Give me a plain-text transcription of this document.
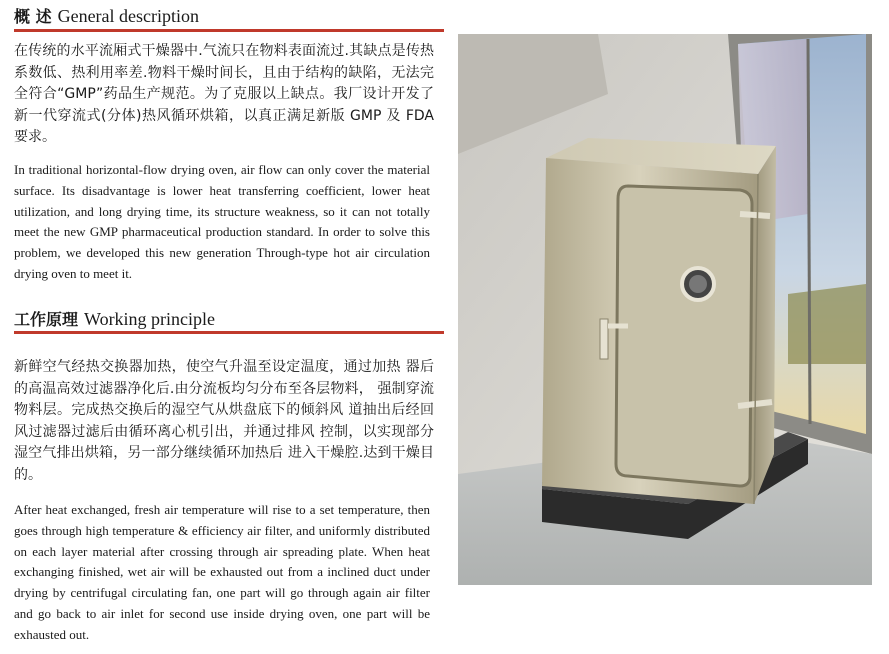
概 述 General description
在传统的水平流厢式干燥器中.气流只在物料表面流过.其缺点是传热系数低、热利用率差.物料干燥时间长，且由于结构的缺陷，无法完全符合“GMP”药品生产规范。为了克服以上缺点。我厂设计开发了新一代穿流式(分体)热风循环烘箱，以真正满足新版 GMP 及 FDA 要求。
In traditional horizontal-flow drying oven, air flow can only cover the material surface. Its disadvantage is lower heat transferring coefficient, lower heat utilization, and long drying time, its structure weakness, so it can not totally meet the new GMP pharmaceutical production standard. In order to solve this problem, we developed this new generation Through-type hot air circulation drying oven to meet it.
工作原理 Working principle
新鲜空气经热交换器加热，使空气升温至设定温度，通过加热 器后的高温高效过滤器净化后.由分流板均匀分布至各层物料， 强制穿流物料层。完成热交换后的湿空气从烘盘底下的倾斜风 道抽出后经回风过滤器过滤后由循环离心机引出，并通过排风 控制，以实现部分湿空气排出烘箱，另一部分继续循环加热后 进入干燥腔.达到干燥目的。
After heat exchanged, fresh air temperature will rise to a set temperature, then goes through high temperature & efficiency air filter, and uniformly distributed on each layer material after crossing through air spreading plate. When heat exchanging finished, wet air will be exhausted out from a inclined duct under drying by centrifugal circulating fan, one part will go through again air filter and go back to air inlet for second use inside drying oven, one part will be exhausted out.
